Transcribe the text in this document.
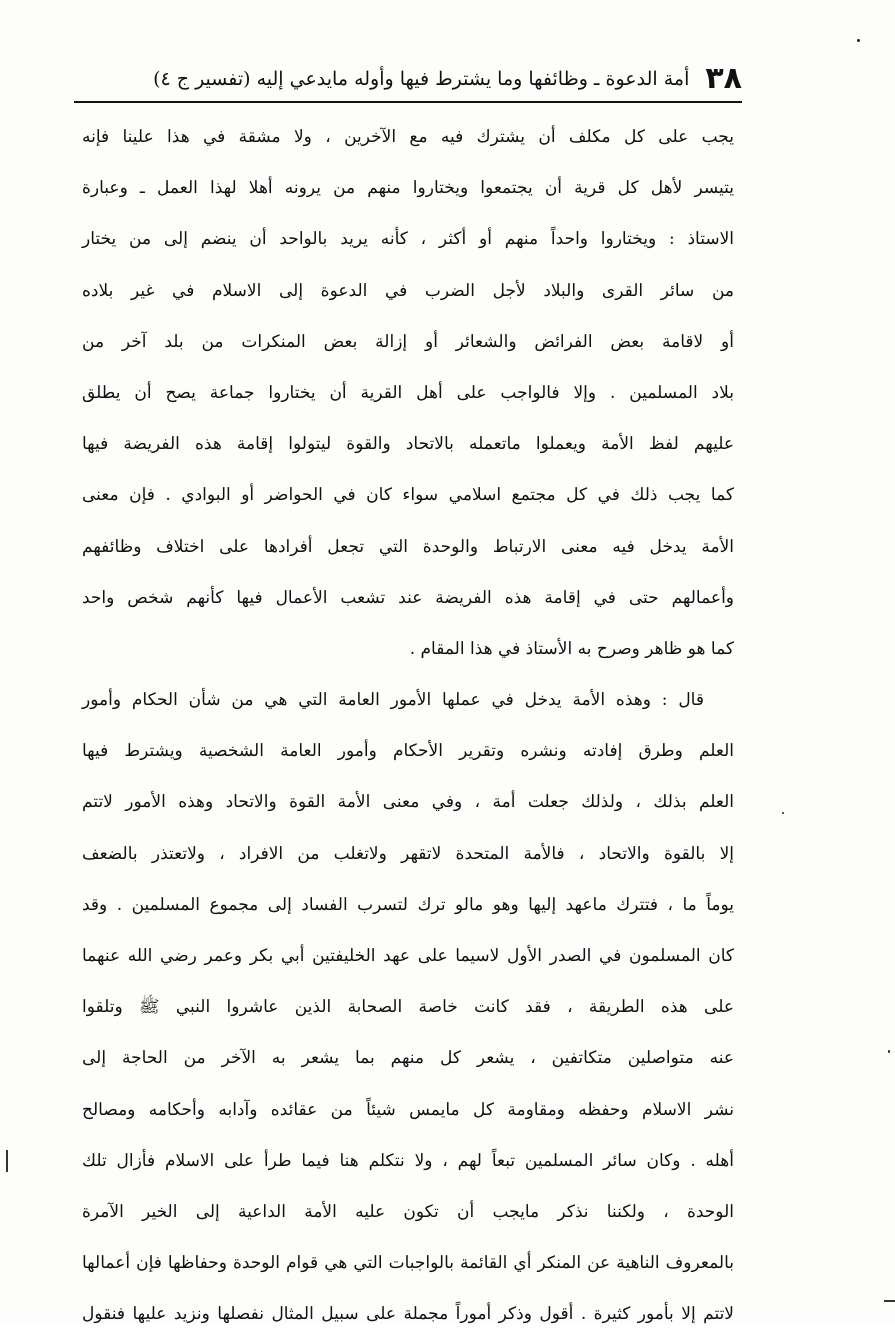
٣٨
أمة الدعوة ـ وظائفها وما يشترط فيها وأوله مايدعي إليه (تفسير ج ٤)
يجب على كل مكلف أن يشترك فيه مع الآخرين ، ولا مشقة في هذا علينا فإنه
يتيسر لأهل كل قرية أن يجتمعوا ويختاروا منهم من يرونه أهلا لهذا العمل ـ وعبارة
الاستاذ : ويختاروا واحداً منهم أو أكثر ، كأنه يريد بالواحد أن ينضم إلى من يختار
من سائر القرى والبلاد لأجل الضرب في الدعوة إلى الاسلام في غير بلاده
أو لاقامة بعض الفرائض والشعائر أو إزالة بعض المنكرات من بلد آخر من
بلاد المسلمين . وإلا فالواجب على أهل القرية أن يختاروا جماعة يصح أن يطلق
عليهم لفظ الأمة ويعملوا ماتعمله بالاتحاد والقوة ليتولوا إقامة هذه الفريضة فيها
كما يجب ذلك في كل مجتمع اسلامي سواء كان في الحواضر أو البوادي . فإن معنى
الأمة يدخل فيه معنى الارتباط والوحدة التي تجعل أفرادها على اختلاف وظائفهم
وأعمالهم حتى في إقامة هذه الفريضة عند تشعب الأعمال فيها كأنهم شخص واحد
كما هو ظاهر وصرح به الأستاذ في هذا المقام .
قال : وهذه الأمة يدخل في عملها الأمور العامة التي هي من شأن الحكام وأمور
العلم وطرق إفادته ونشره وتقرير الأحكام وأمور العامة الشخصية ويشترط فيها
العلم بذلك ، ولذلك جعلت أمة ، وفي معنى الأمة القوة والاتحاد وهذه الأمور لاتتم
إلا بالقوة والاتحاد ، فالأمة المتحدة لاتقهر ولاتغلب من الافراد ، ولاتعتذر بالضعف
يوماً ما ، فتترك ماعهد إليها وهو مالو ترك لتسرب الفساد إلى مجموع المسلمين . وقد
كان المسلمون في الصدر الأول لاسيما على عهد الخليفتين أبي بكر وعمر رضي الله عنهما
على هذه الطريقة ، فقد كانت خاصة الصحابة الذين عاشروا النبي ﷺ وتلقوا
عنه متواصلين متكاتفين ، يشعر كل منهم بما يشعر به الآخر من الحاجة إلى
نشر الاسلام وحفظه ومقاومة كل مايمس شيئاً من عقائده وآدابه وأحكامه ومصالح
أهله . وكان سائر المسلمين تبعاً لهم ، ولا نتكلم هنا فيما طرأ على الاسلام فأزال تلك
الوحدة ، ولكننا نذكر مايجب أن تكون عليه الأمة الداعية إلى الخير الآمرة
بالمعروف الناهية عن المنكر أي القائمة بالواجبات التي هي قوام الوحدة وحفاظها فإن أعمالها
لاتتم إلا بأمور كثيرة . أقول وذكر أموراً مجملة على سبيل المثال نفصلها ونزيد عليها فنقول
